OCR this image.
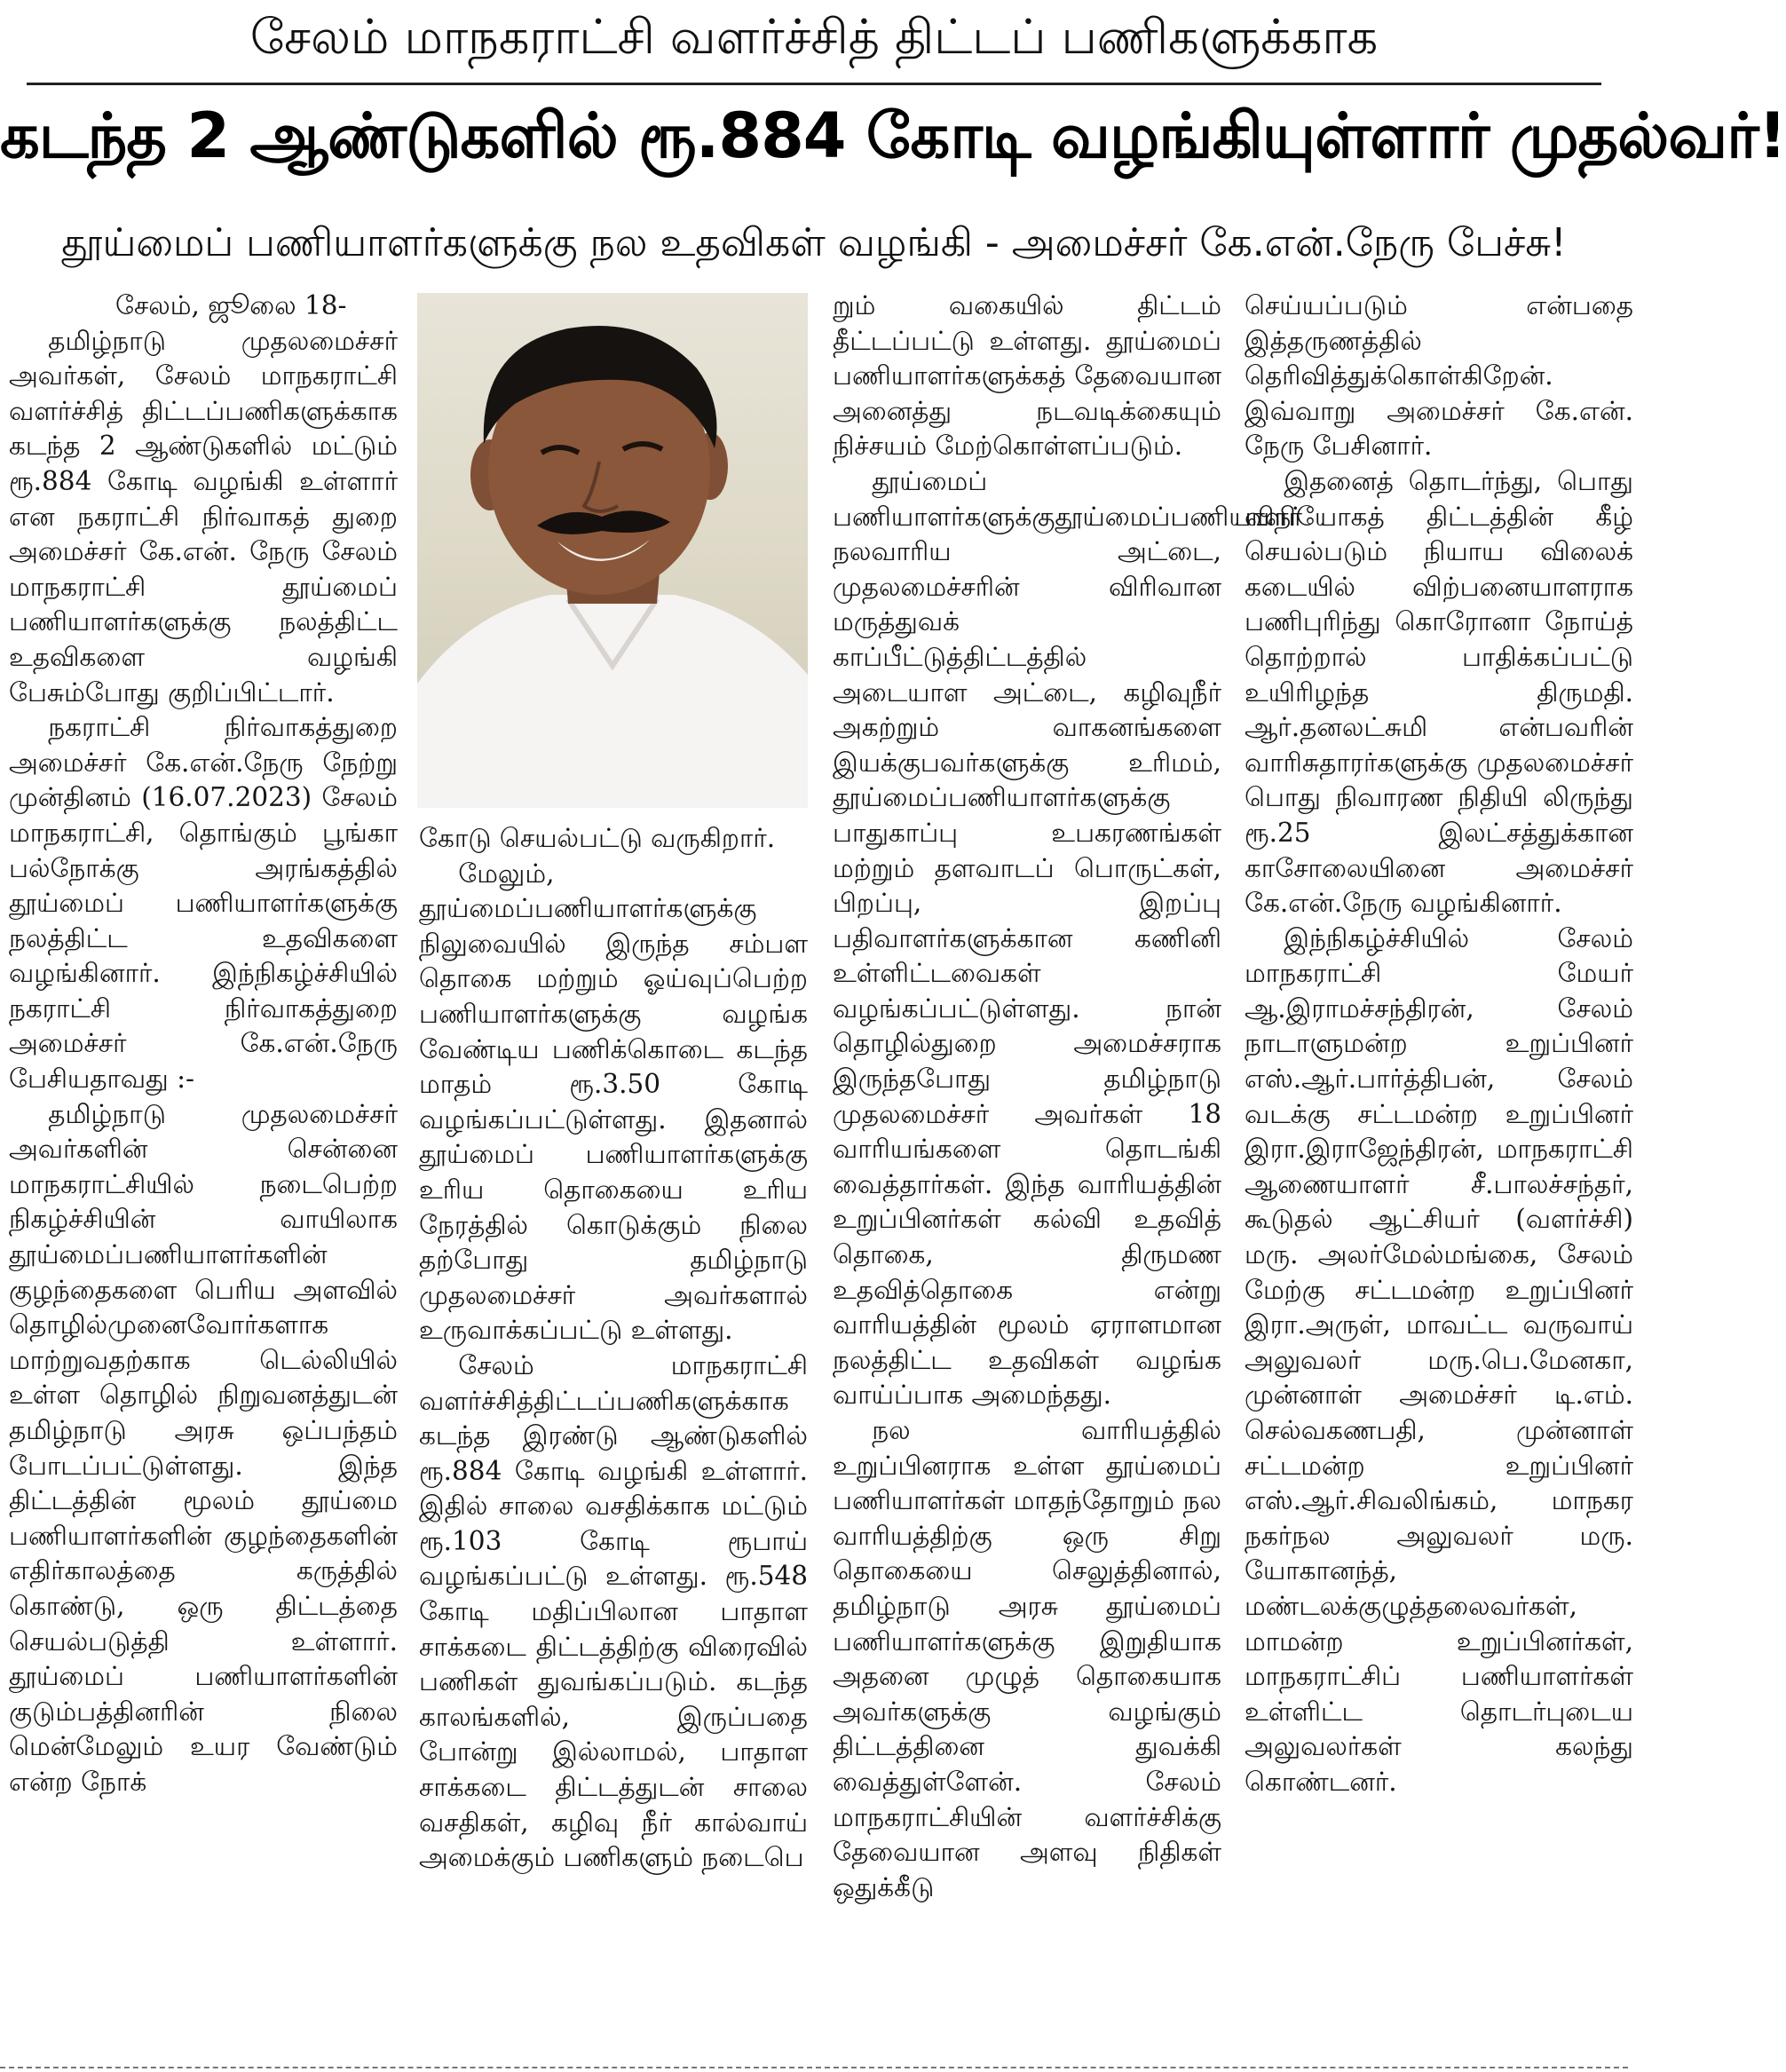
சேலம் மாநகராட்சி வளர்ச்சித் திட்டப் பணிகளுக்காக
கடந்த 2 ஆண்டுகளில் ரூ.884 கோடி வழங்கியுள்ளார் முதல்வர்!
தூய்மைப் பணியாளர்களுக்கு நல உதவிகள் வழங்கி - அமைச்சர் கே.என்.நேரு பேச்சு!

சேலம், ஜூலை 18-

தமிழ்நாடு முதலமைச்சர் அவர்கள், சேலம் மாநகராட்சி வளர்ச்சித் திட்டப்பணிகளுக்காக கடந்த 2 ஆண்டுகளில் மட்டும் ரூ.884 கோடி வழங்கி உள்ளார் என நகராட்சி நிர்வாகத் துறை அமைச்சர் கே.என். நேரு சேலம் மாநகராட்சி தூய்மைப் பணியாளர்களுக்கு நலத்திட்ட உதவிகளை வழங்கி பேசும்போது குறிப்பிட்டார்.

நகராட்சி நிர்வாகத்துறை அமைச்சர் கே.என்.நேரு நேற்று முன்தினம் (16.07.2023) சேலம் மாநகராட்சி, தொங்கும் பூங்கா பல்நோக்கு அரங்கத்தில் தூய்மைப் பணியாளர்களுக்கு நலத்திட்ட உதவிகளை வழங்கினார். இந்நிகழ்ச்சியில் நகராட்சி நிர்வாகத்துறை அமைச்சர் கே.என்.நேரு பேசியதாவது :-

தமிழ்நாடு முதலமைச்சர் அவர்களின் சென்னை மாநகராட்சியில் நடைபெற்ற நிகழ்ச்சியின் வாயிலாக தூய்மைப்பணியாளர்களின் குழந்தைகளை பெரிய அளவில் தொழில்முனைவோர்களாக மாற்றுவதற்காக டெல்லியில் உள்ள தொழில் நிறுவனத்துடன் தமிழ்நாடு அரசு ஒப்பந்தம் போடப்பட்டுள்ளது. இந்த திட்டத்தின் மூலம் தூய்மை பணியாளர்களின் குழந்தைகளின் எதிர்காலத்தை கருத்தில் கொண்டு, ஒரு திட்டத்தை செயல்படுத்தி உள்ளார். தூய்மைப் பணியாளர்களின் குடும்பத்தினரின் நிலை மென்மேலும் உயர வேண்டும் என்ற நோக்

கோடு செயல்பட்டு வருகிறார்.

மேலும், தூய்மைப்பணியாளர்களுக்கு நிலுவையில் இருந்த சம்பள தொகை மற்றும் ஓய்வுப்பெற்ற பணியாளர்களுக்கு வழங்க வேண்டிய பணிக்கொடை கடந்த மாதம் ரூ.3.50 கோடி வழங்கப்பட்டுள்ளது. இதனால் தூய்மைப் பணியாளர்களுக்கு உரிய தொகையை உரிய நேரத்தில் கொடுக்கும் நிலை தற்போது தமிழ்நாடு முதலமைச்சர் அவர்களால் உருவாக்கப்பட்டு உள்ளது.

சேலம் மாநகராட்சி வளர்ச்சித்திட்டப்பணிகளுக்காக கடந்த இரண்டு ஆண்டுகளில் ரூ.884 கோடி வழங்கி உள்ளார். இதில் சாலை வசதிக்காக மட்டும் ரூ.103 கோடி ரூபாய் வழங்கப்பட்டு உள்ளது. ரூ.548 கோடி மதிப்பிலான பாதாள சாக்கடை திட்டத்திற்கு விரைவில் பணிகள் துவங்கப்படும். கடந்த காலங்களில், இருப்பதை போன்று இல்லாமல், பாதாள சாக்கடை திட்டத்துடன் சாலை வசதிகள், கழிவு நீர் கால்வாய் அமைக்கும் பணிகளும் நடைபெ

றும் வகையில் திட்டம் தீட்டப்பட்டு உள்ளது. தூய்மைப் பணியாளர்களுக்கத் தேவையான அனைத்து நடவடிக்கையும் நிச்சயம் மேற்கொள்ளப்படும்.

தூய்மைப் பணியாளர்களுக்குதூய்மைப்பணியாளர் நலவாரிய அட்டை, முதலமைச்சரின் விரிவான மருத்துவக் காப்பீட்டுத்திட்டத்தில் அடையாள அட்டை, கழிவுநீர் அகற்றும் வாகனங்களை இயக்குபவர்களுக்கு உரிமம், தூய்மைப்பணியாளர்களுக்கு பாதுகாப்பு உபகரணங்கள் மற்றும் தளவாடப் பொருட்கள், பிறப்பு, இறப்பு பதிவாளர்களுக்கான கணினி உள்ளிட்டவைகள் வழங்கப்பட்டுள்ளது. நான் தொழில்துறை அமைச்சராக இருந்தபோது தமிழ்நாடு முதலமைச்சர் அவர்கள் 18 வாரியங்களை தொடங்கி வைத்தார்கள். இந்த வாரியத்தின் உறுப்பினர்கள் கல்வி உதவித் தொகை, திருமண உதவித்தொகை என்று வாரியத்தின் மூலம் ஏராளமான நலத்திட்ட உதவிகள் வழங்க வாய்ப்பாக அமைந்தது.

நல வாரியத்தில் உறுப்பினராக உள்ள தூய்மைப் பணியாளர்கள் மாதந்தோறும் நல வாரியத்திற்கு ஒரு சிறு தொகையை செலுத்தினால், தமிழ்நாடு அரசு தூய்மைப் பணியாளர்களுக்கு இறுதியாக அதனை முழுத் தொகையாக அவர்களுக்கு வழங்கும் திட்டத்தினை துவக்கி வைத்துள்ளேன். சேலம் மாநகராட்சியின் வளர்ச்சிக்கு தேவையான அளவு நிதிகள் ஒதுக்கீடு

செய்யப்படும் என்பதை இத்தருணத்தில் தெரிவித்துக்கொள்கிறேன். இவ்வாறு அமைச்சர் கே.என். நேரு பேசினார்.

இதனைத் தொடர்ந்து, பொது விநியோகத் திட்டத்தின் கீழ் செயல்படும் நியாய விலைக் கடையில் விற்பனையாளராக பணிபுரிந்து கொரோனா நோய்த் தொற்றால் பாதிக்கப்பட்டு உயிரிழந்த திருமதி. ஆர்.தனலட்சுமி என்பவரின் வாரிசுதாரர்களுக்கு முதலமைச்சர் பொது நிவாரண நிதியி லிருந்து ரூ.25 இலட்சத்துக்கான காசோலையினை அமைச்சர் கே.என்.நேரு வழங்கினார்.

இந்நிகழ்ச்சியில் சேலம் மாநகராட்சி மேயர் ஆ.இராமச்சந்திரன், சேலம் நாடாளுமன்ற உறுப்பினர் எஸ்.ஆர்.பார்த்திபன், சேலம் வடக்கு சட்டமன்ற உறுப்பினர் இரா.இராஜேந்திரன், மாநகராட்சி ஆணையாளர் சீ.பாலச்சந்தர், கூடுதல் ஆட்சியர் (வளர்ச்சி) மரு. அலர்மேல்மங்கை, சேலம் மேற்கு சட்டமன்ற உறுப்பினர் இரா.அருள், மாவட்ட வருவாய் அலுவலர் மரு.பெ.மேனகா, முன்னாள் அமைச்சர் டி.எம். செல்வகணபதி, முன்னாள் சட்டமன்ற உறுப்பினர் எஸ்.ஆர்.சிவலிங்கம், மாநகர நகர்நல அலுவலர் மரு. யோகானந்த், மண்டலக்குழுத்தலைவர்கள், மாமன்ற உறுப்பினர்கள், மாநகராட்சிப் பணியாளர்கள் உள்ளிட்ட தொடர்புடைய அலுவலர்கள் கலந்து கொண்டனர்.
